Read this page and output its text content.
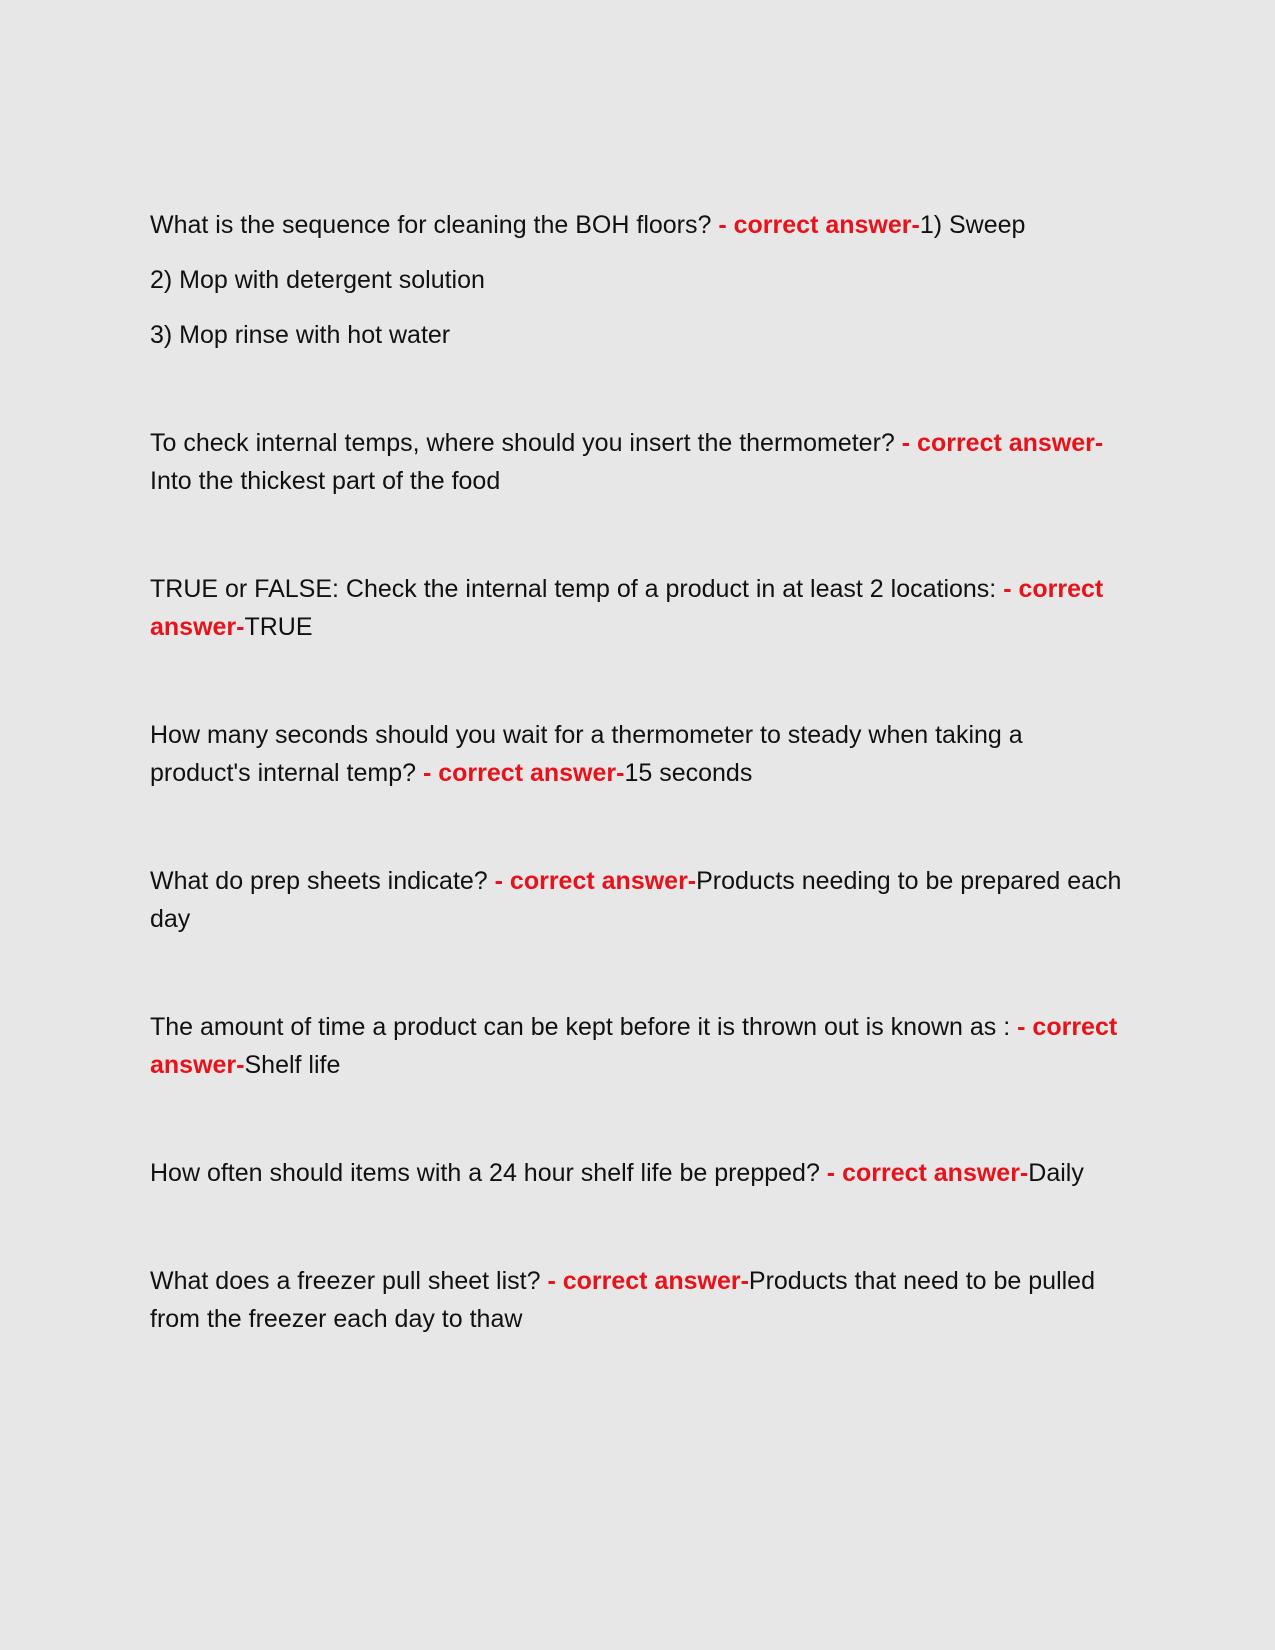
What is the sequence for cleaning the BOH floors? - correct answer-1) Sweep

2) Mop with detergent solution

3) Mop rinse with hot water

To check internal temps, where should you insert the thermometer? - correct answer-Into the thickest part of the food

TRUE or FALSE: Check the internal temp of a product in at least 2 locations: - correct answer-TRUE

How many seconds should you wait for a thermometer to steady when taking a product's internal temp? - correct answer-15 seconds

What do prep sheets indicate? - correct answer-Products needing to be prepared each day

The amount of time a product can be kept before it is thrown out is known as : - correct answer-Shelf life

How often should items with a 24 hour shelf life be prepped? - correct answer-Daily

What does a freezer pull sheet list? - correct answer-Products that need to be pulled from the freezer each day to thaw
